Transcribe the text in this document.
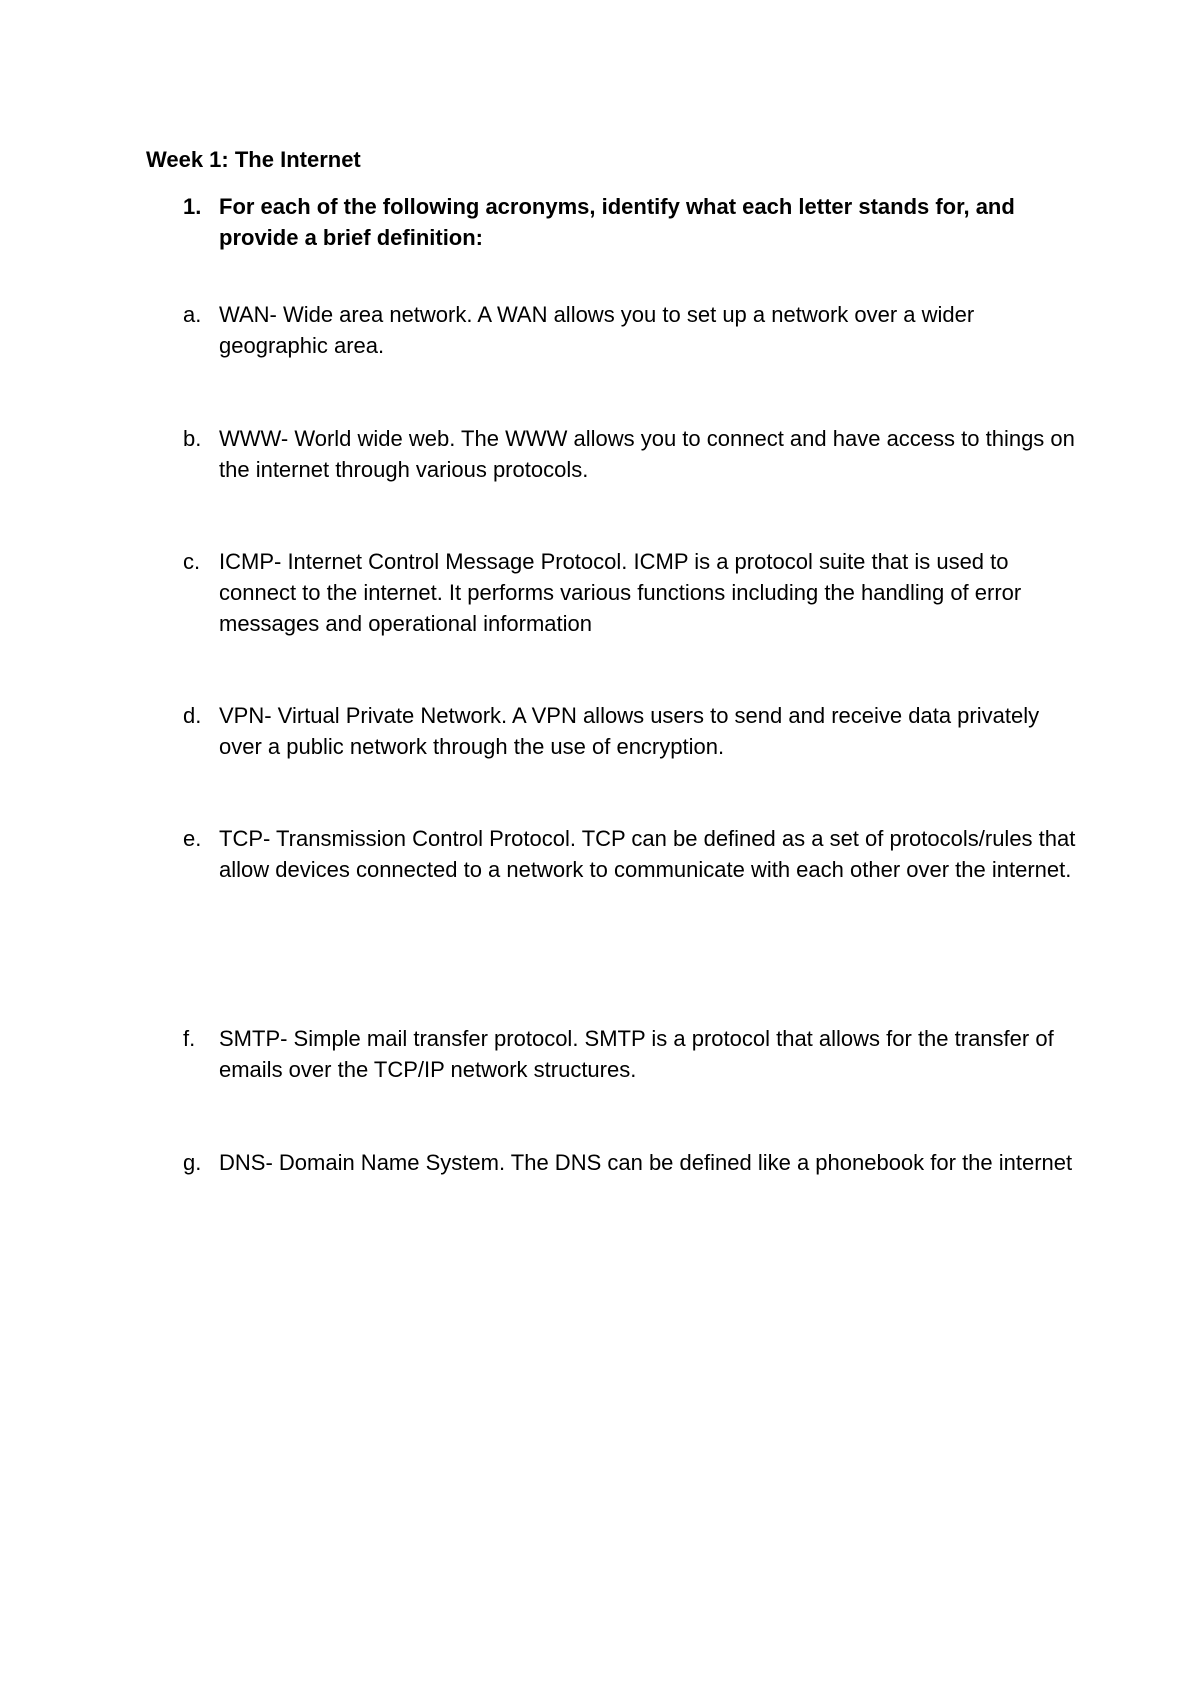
Week 1: The Internet
1. For each of the following acronyms, identify what each letter stands for, and provide a brief definition:
a. WAN- Wide area network. A WAN allows you to set up a network over a wider geographic area.
b. WWW- World wide web. The WWW allows you to connect and have access to things on the internet through various protocols.
c. ICMP- Internet Control Message Protocol. ICMP is a protocol suite that is used to connect to the internet. It performs various functions including the handling of error messages and operational information
d. VPN- Virtual Private Network. A VPN allows users to send and receive data privately over a public network through the use of encryption.
e. TCP- Transmission Control Protocol. TCP can be defined as a set of protocols/rules that allow devices connected to a network to communicate with each other over the internet.
f. SMTP- Simple mail transfer protocol. SMTP is a protocol that allows for the transfer of emails over the TCP/IP network structures.
g. DNS- Domain Name System. The DNS can be defined like a phonebook for the internet
